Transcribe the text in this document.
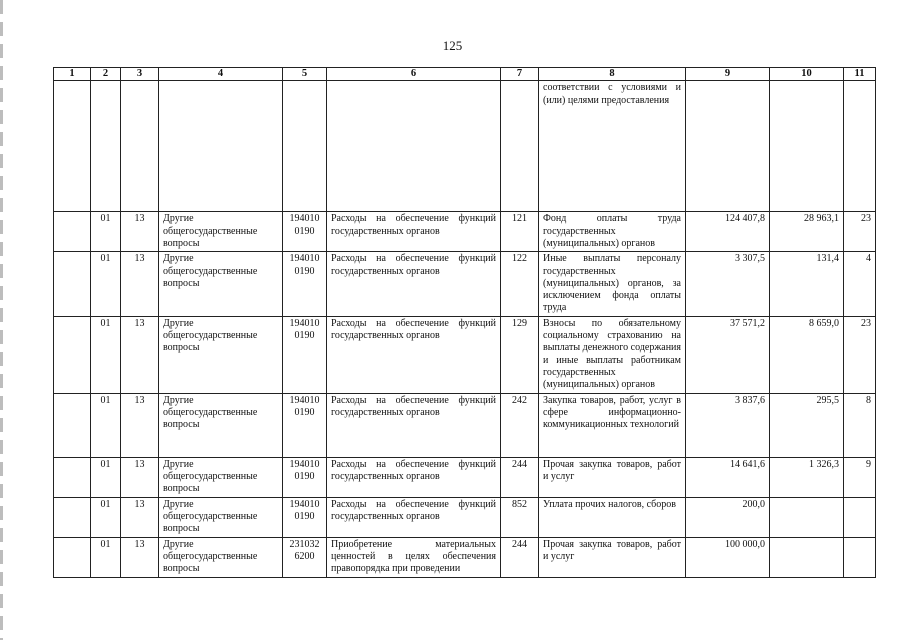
125
1	2	3	4	5	6	7	8	9	10	11
							соответствии с условиями и (или) целями предоставления			
	01	13	Другие общегосударственные вопросы	194010 0190	Расходы на обеспечение функций государственных органов	121	Фонд оплаты труда государственных (муниципальных) органов	124 407,8	28 963,1	23
	01	13	Другие общегосударственные вопросы	194010 0190	Расходы на обеспечение функций государственных органов	122	Иные выплаты персоналу государственных (муниципальных) органов, за исключением фонда оплаты труда	3 307,5	131,4	4
	01	13	Другие общегосударственные вопросы	194010 0190	Расходы на обеспечение функций государственных органов	129	Взносы по обязательному социальному страхованию на выплаты денежного содержания и иные выплаты работникам государственных (муниципальных) органов	37 571,2	8 659,0	23
	01	13	Другие общегосударственные вопросы	194010 0190	Расходы на обеспечение функций государственных органов	242	Закупка товаров, работ, услуг в сфере информационно-коммуникационных технологий	3 837,6	295,5	8
	01	13	Другие общегосударственные вопросы	194010 0190	Расходы на обеспечение функций государственных органов	244	Прочая закупка товаров, работ и услуг	14 641,6	1 326,3	9
	01	13	Другие общегосударственные вопросы	194010 0190	Расходы на обеспечение функций государственных органов	852	Уплата прочих налогов, сборов	200,0		
	01	13	Другие общегосударственные вопросы	231032 6200	Приобретение материальных ценностей в целях обеспечения правопорядка при проведении	244	Прочая закупка товаров, работ и услуг	100 000,0		
